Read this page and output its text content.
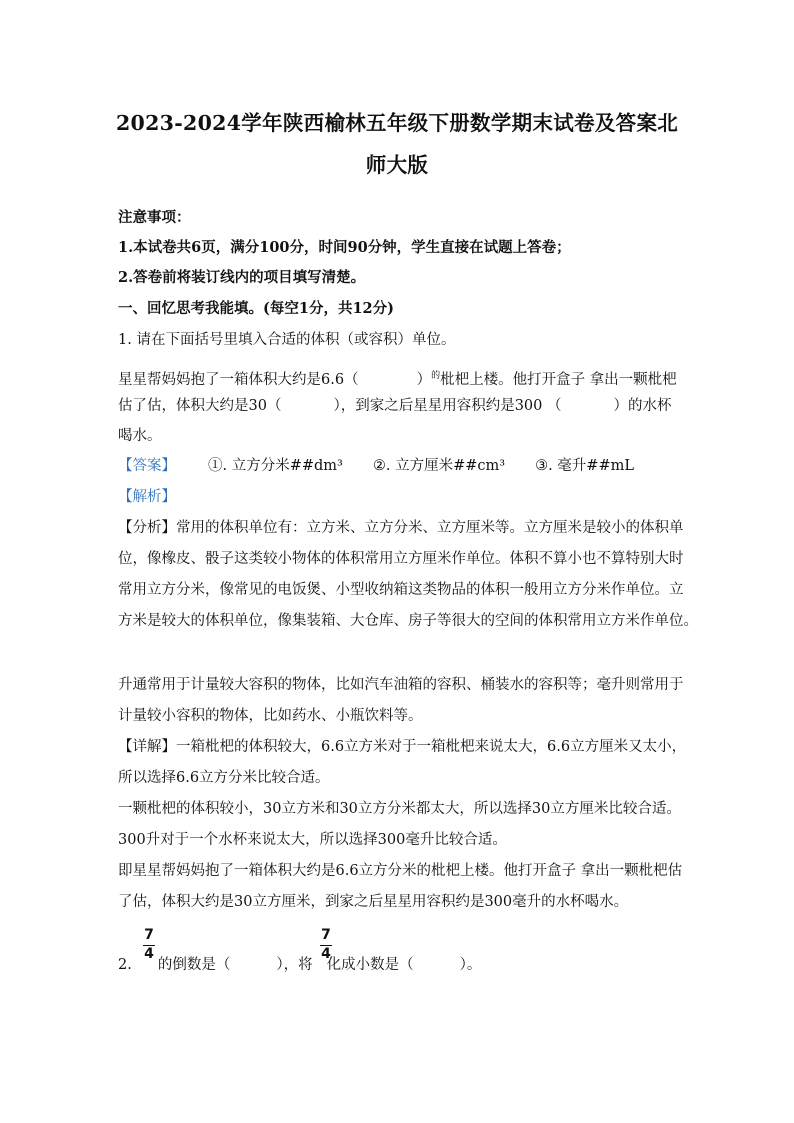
2023-2024学年陕西榆林五年级下册数学期末试卷及答案北
师大版
注意事项：
1.本试卷共6页，满分100分，时间90分钟，学生直接在试题上答卷；
2.答卷前将装订线内的项目填写清楚。
一、回忆思考我能填。(每空1分，共12分)
1. 请在下面括号里填入合适的体积（或容积）单位。
星星帮妈妈抱了一箱体积大约是6.6（	）$^的$枇杷上楼。他打开盒子 拿出一颗枇杷
估了估，体积大约是30（	），到家之后星星用容积约是300 （	）的水杯
喝水。
【答案】 ①. 立方分米##dm³ ②. 立方厘米##cm³ ③. 毫升##mL
【解析】
【分析】常用的体积单位有：立方米、立方分米、立方厘米等。立方厘米是较小的体积单
位，像橡皮、骰子这类较小物体的体积常用立方厘米作单位。体积不算小也不算特别大时
常用立方分米，像常见的电饭煲、小型收纳箱这类物品的体积一般用立方分米作单位。立
方米是较大的体积单位，像集装箱、大仓库、房子等很大的空间的体积常用立方米作单位。
升通常用于计量较大容积的物体，比如汽车油箱的容积、桶装水的容积等；毫升则常用于
计量较小容积的物体，比如药水、小瓶饮料等。
【详解】一箱枇杷的体积较大，6.6立方米对于一箱枇杷来说太大，6.6立方厘米又太小，
所以选择6.6立方分米比较合适。
一颗枇杷的体积较小，30立方米和30立方分米都太大，所以选择30立方厘米比较合适。
300升对于一个水杯来说太大，所以选择300毫升比较合适。
即星星帮妈妈抱了一箱体积大约是6.6立方分米的枇杷上楼。他打开盒子 拿出一颗枇杷估
了估，体积大约是30立方厘米，到家之后星星用容积约是300毫升的水杯喝水。
7
4
7
4
2. 的倒数是（	），将 化成小数是（	）。
